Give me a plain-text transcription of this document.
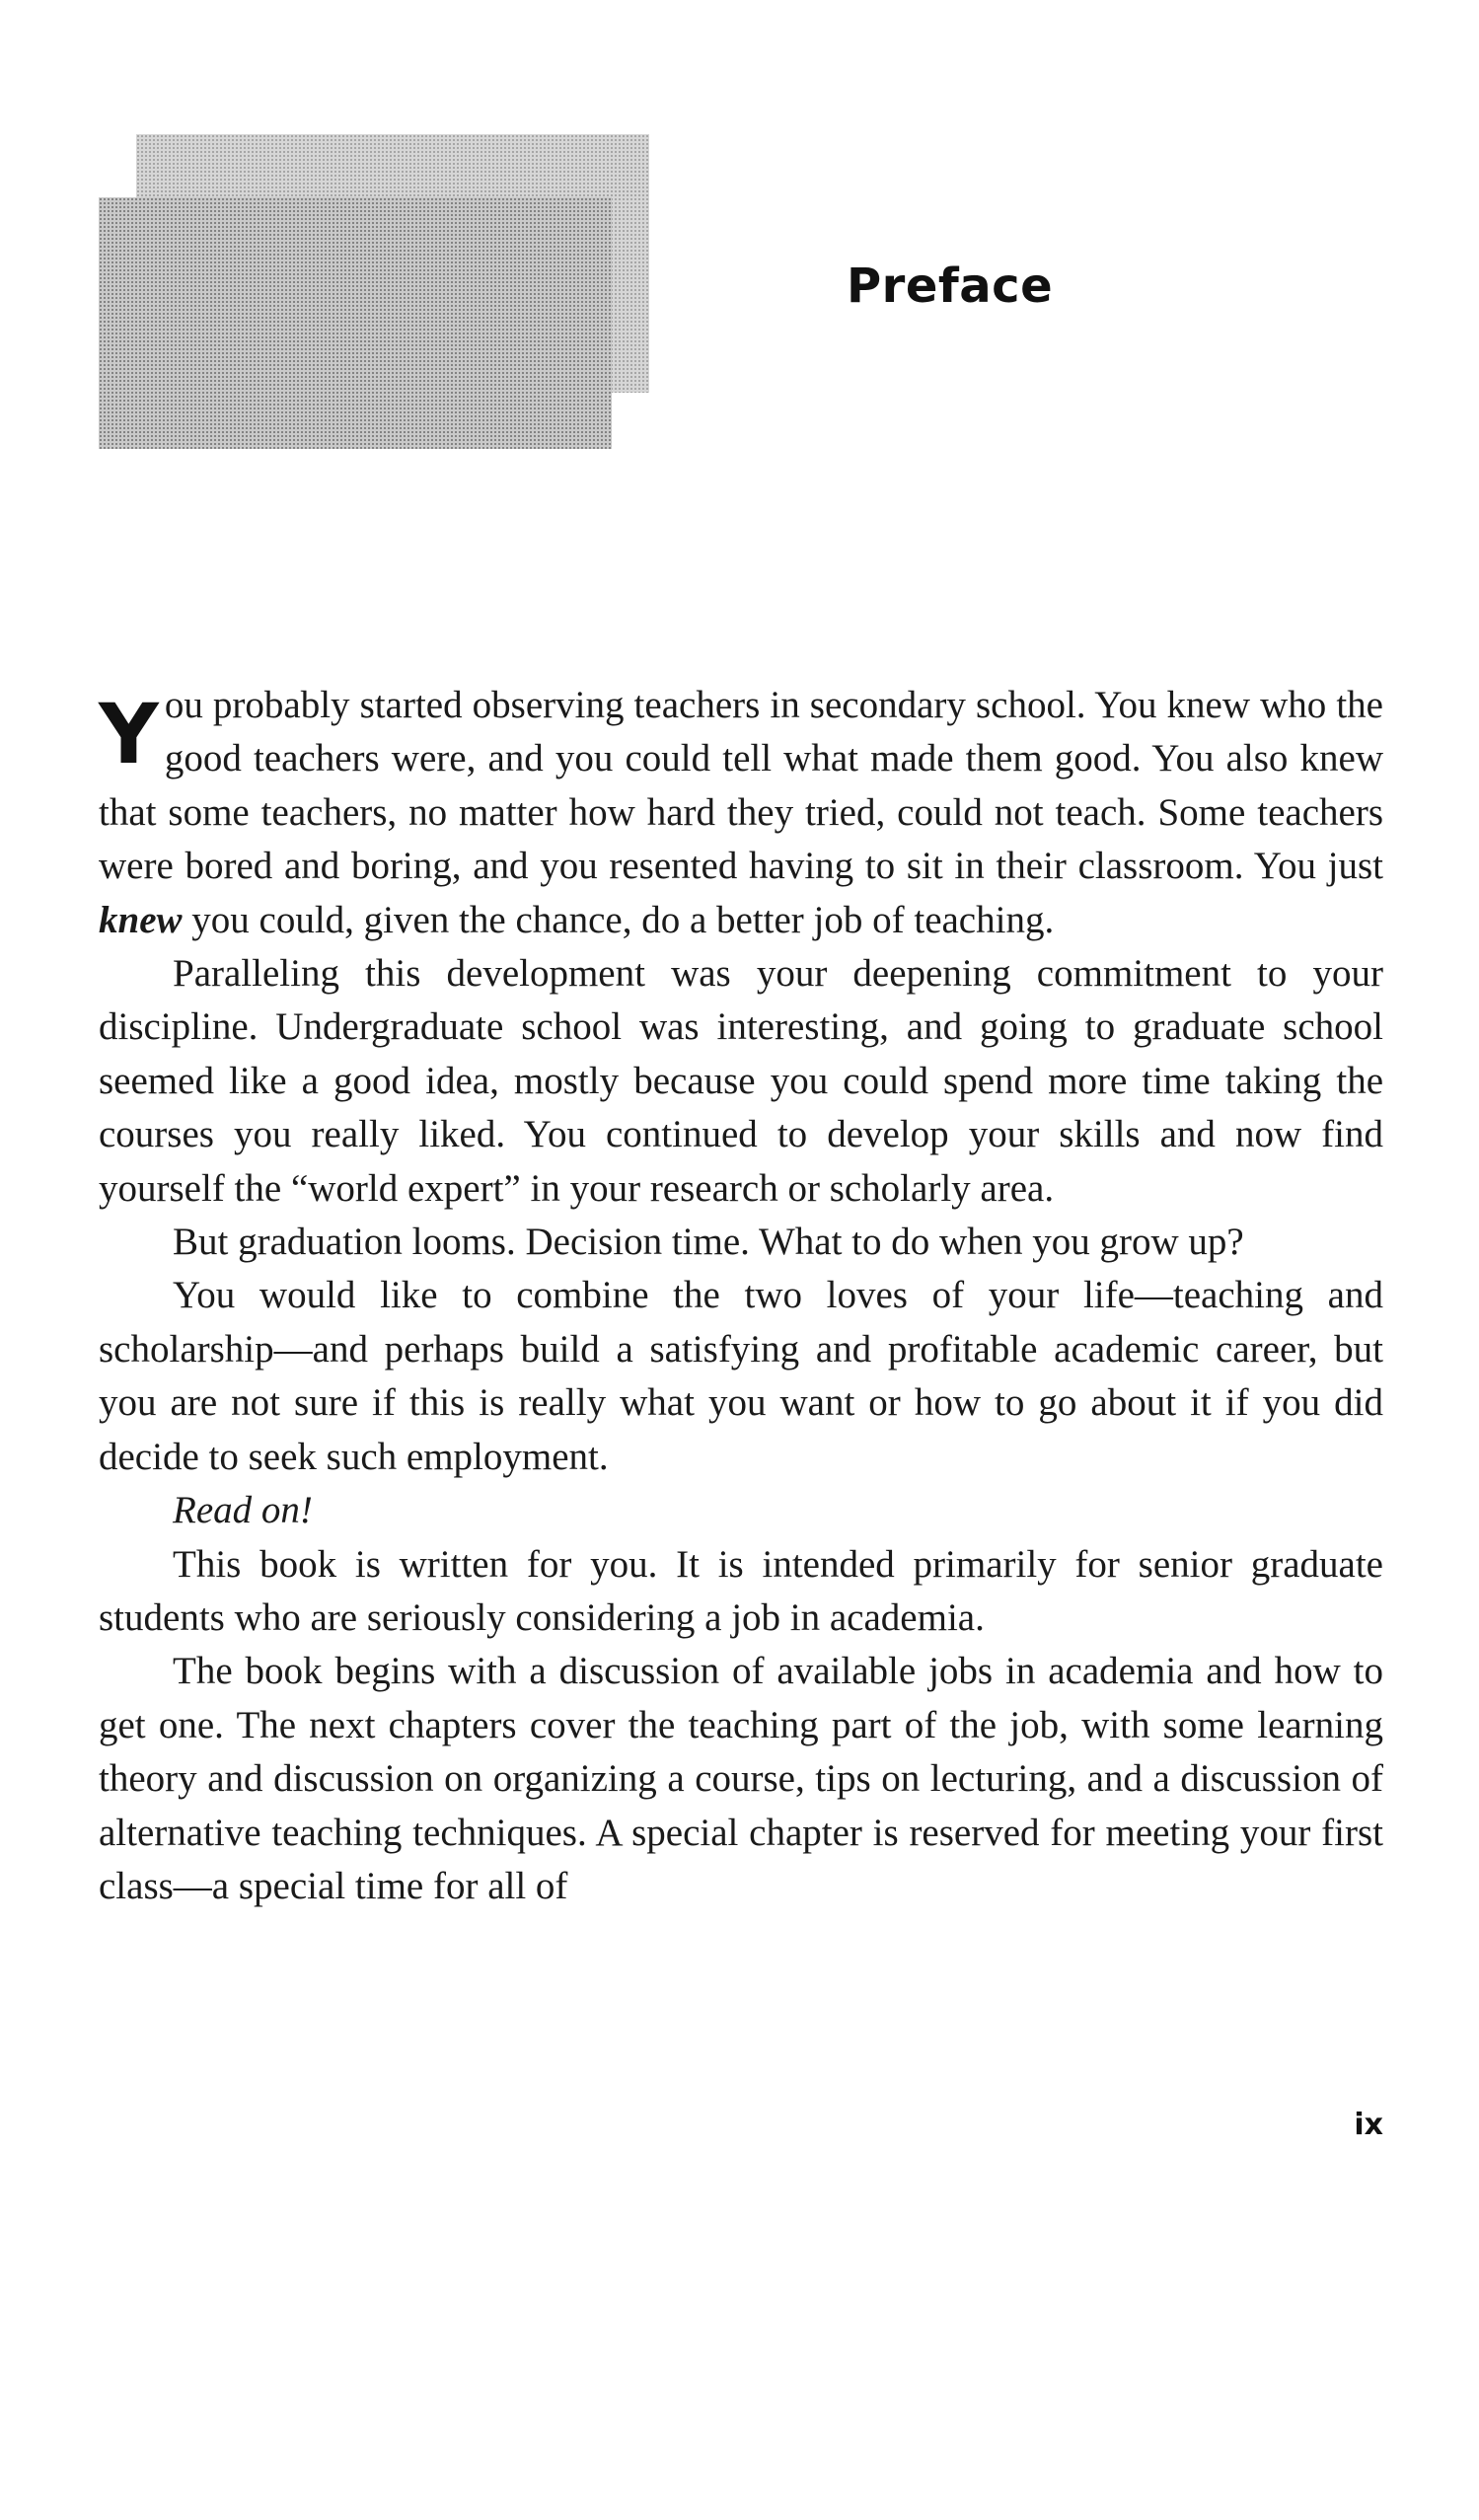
Preface

You probably started observing teachers in secondary school. You knew who the good teachers were, and you could tell what made them good. You also knew that some teachers, no matter how hard they tried, could not teach. Some teachers were bored and boring, and you resented having to sit in their classroom. You just knew you could, given the chance, do a better job of teaching.

Paralleling this development was your deepening commitment to your discipline. Undergraduate school was interesting, and going to graduate school seemed like a good idea, mostly because you could spend more time taking the courses you really liked. You continued to develop your skills and now find yourself the “world expert” in your research or scholarly area.

But graduation looms. Decision time. What to do when you grow up?

You would like to combine the two loves of your life—teaching and scholarship—and perhaps build a satisfying and profitable academic career, but you are not sure if this is really what you want or how to go about it if you did decide to seek such employment.

Read on!

This book is written for you. It is intended primarily for senior graduate students who are seriously considering a job in academia.

The book begins with a discussion of available jobs in academia and how to get one. The next chapters cover the teaching part of the job, with some learning theory and discussion on organizing a course, tips on lecturing, and a discussion of alternative teaching techniques. A special chapter is reserved for meeting your first class—a special time for all of

ix
